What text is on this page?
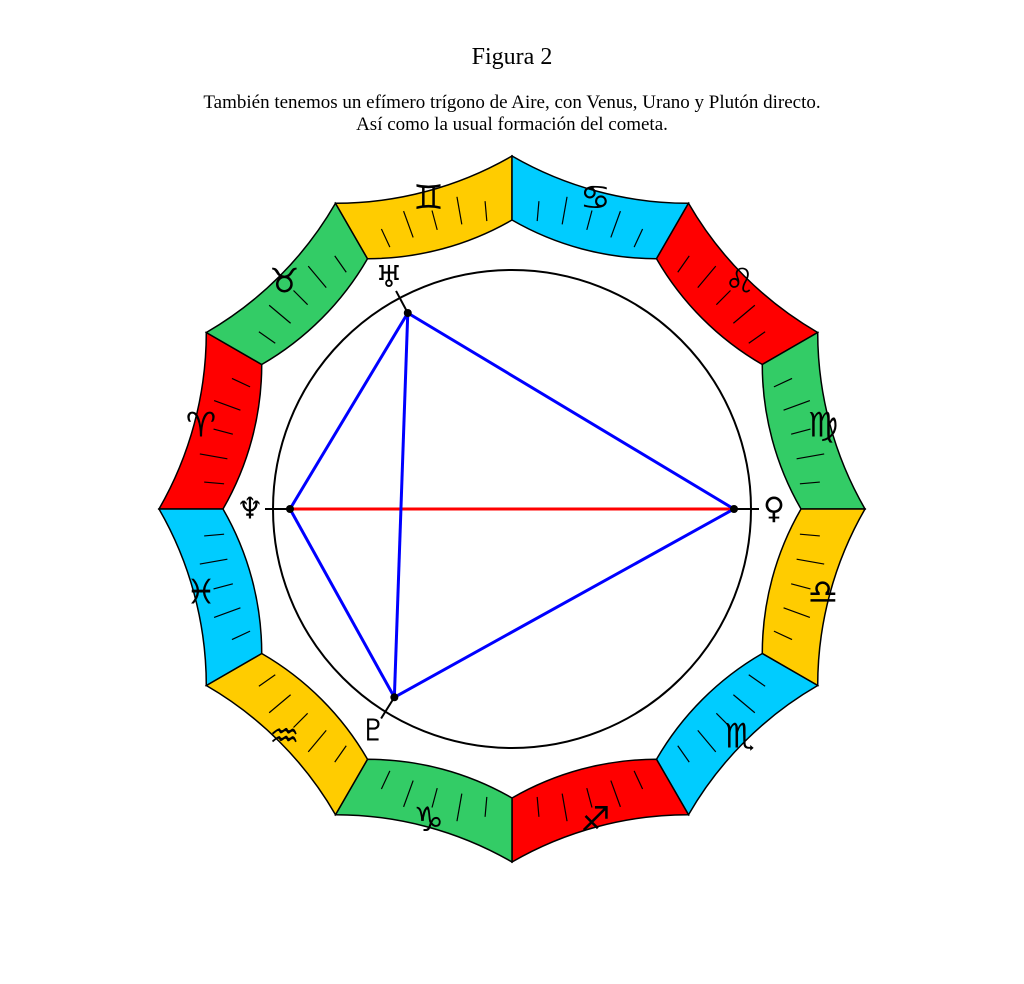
Figura 2
También tenemos un efímero trígono de Aire, con Venus, Urano y Plutón directo.
Así como la usual formación del cometa.
♈︎
♉︎
♊︎	♋︎
♌︎
♍︎
♎︎
♏︎
♐︎
♑︎
♒︎
♓︎
♆
♅
♀
♇
